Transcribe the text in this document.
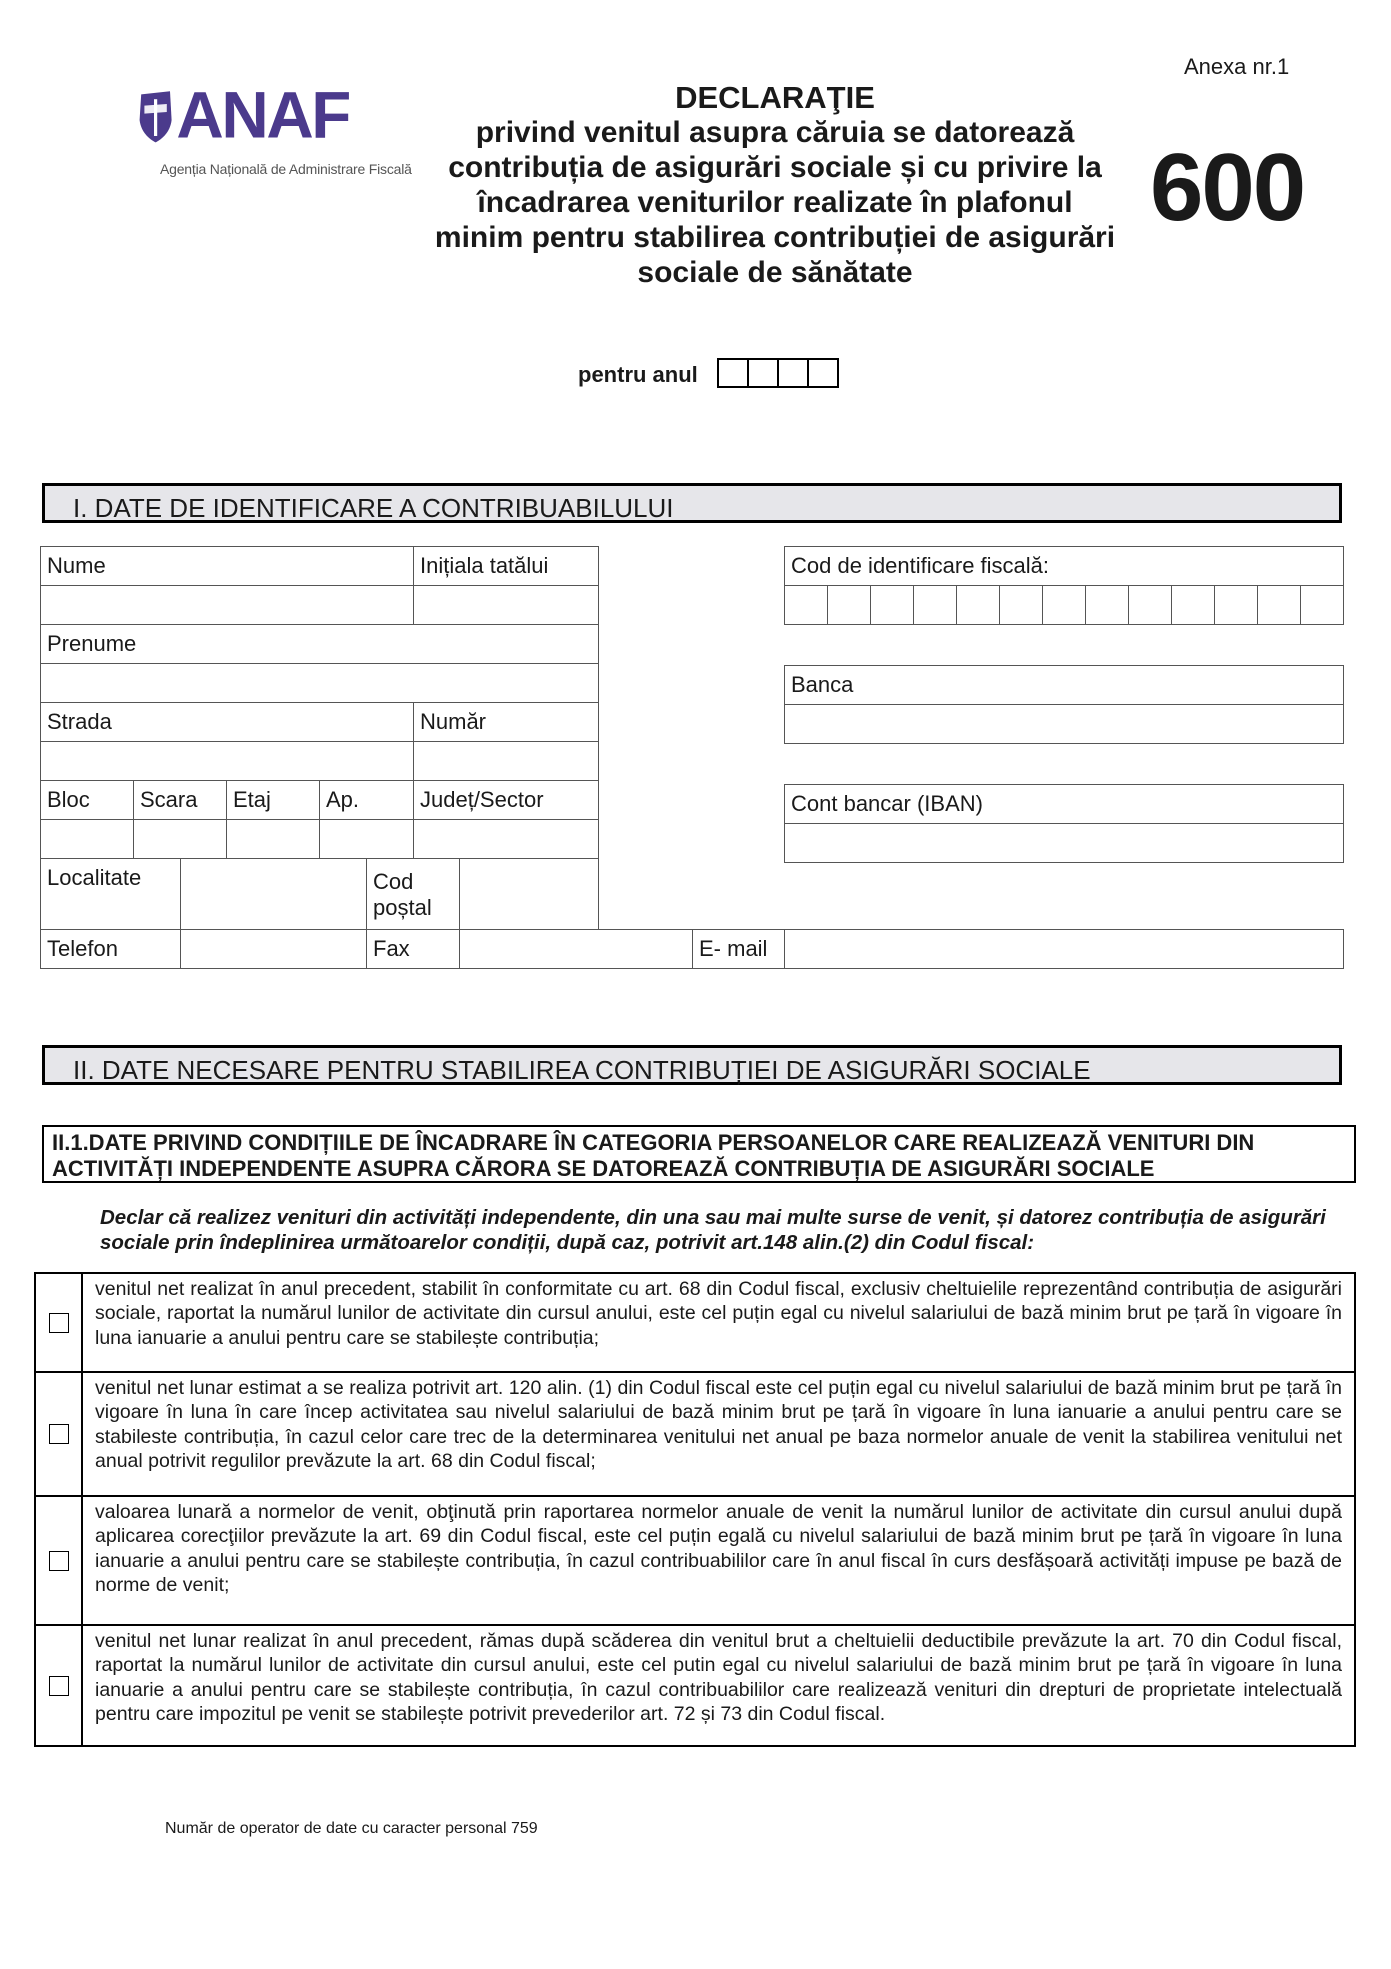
Anexa nr.1
ANAF
Agenția Națională de Administrare Fiscală
DECLARAŢIE
privind venitul asupra căruia se datorează
contribuția de asigurări sociale și cu privire la
încadrarea veniturilor realizate în plafonul
minim pentru stabilirea contribuției de asigurări
sociale de sănătate
600
pentru anul
I. DATE DE IDENTIFICARE A CONTRIBUABILULUI
Nume	Inițiala tatălui
Prenume
Strada	Număr
Bloc	Scara	Etaj	Ap.	Județ/Sector
Localitate	Cod
poștal
Telefon	Fax	E- mail
Cod de identificare fiscală:
Banca
Cont bancar (IBAN)
II. DATE NECESARE PENTRU STABILIREA CONTRIBUȚIEI DE ASIGURĂRI SOCIALE
II.1.DATE PRIVIND CONDIȚIILE DE ÎNCADRARE ÎN CATEGORIA PERSOANELOR CARE REALIZEAZĂ VENITURI DIN
ACTIVITĂȚI INDEPENDENTE ASUPRA CĂRORA SE DATOREAZĂ CONTRIBUȚIA DE ASIGURĂRI SOCIALE
Declar că realizez venituri din activități independente, din una sau mai multe surse de venit, și datorez contribuția de asigurări sociale prin îndeplinirea următoarelor condiții, după caz, potrivit art.148 alin.(2) din Codul fiscal:
venitul net realizat în anul precedent, stabilit în conformitate cu art. 68 din Codul fiscal, exclusiv cheltuielile reprezentând contribuția de asigurări sociale, raportat la numărul lunilor de activitate din cursul anului, este cel puțin egal cu nivelul salariului de bază minim brut pe țară în vigoare în luna ianuarie a anului pentru care se stabilește contribuția;
venitul net lunar estimat a se realiza potrivit art. 120 alin. (1) din Codul fiscal este cel puțin egal cu nivelul salariului de bază minim brut pe țară în vigoare în luna în care încep activitatea sau nivelul salariului de bază minim brut pe țară în vigoare în luna ianuarie a anului pentru care se stabileste contribuția, în cazul celor care trec de la determinarea venitului net anual pe baza normelor anuale de venit la stabilirea venitului net anual potrivit regulilor prevăzute la art. 68 din Codul fiscal;
valoarea lunară a normelor de venit, obţinută prin raportarea normelor anuale de venit la numărul lunilor de activitate din cursul anului după aplicarea corecţiilor prevăzute la art. 69 din Codul fiscal, este cel puțin egală cu nivelul salariului de bază minim brut pe țară în vigoare în luna ianuarie a anului pentru care se stabilește contribuția, în cazul contribuabililor care în anul fiscal în curs desfășoară activități impuse pe bază de norme de venit;
venitul net lunar realizat în anul precedent, rămas după scăderea din venitul brut a cheltuielii deductibile prevăzute la art. 70 din Codul fiscal, raportat la numărul lunilor de activitate din cursul anului, este cel putin egal cu nivelul salariului de bază minim brut pe țară în vigoare în luna ianuarie a anului pentru care se stabilește contribuția, în cazul contribuabililor care realizează venituri din drepturi de proprietate intelectuală pentru care impozitul pe venit se stabilește potrivit prevederilor art. 72 și 73 din Codul fiscal.
Număr de operator de date cu caracter personal 759
